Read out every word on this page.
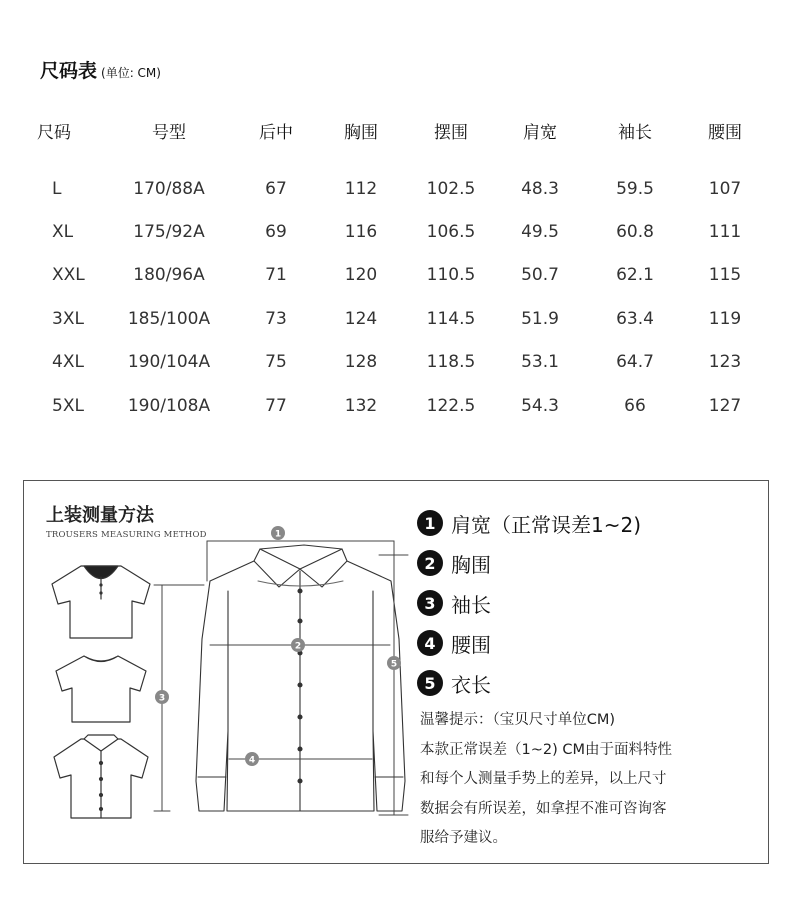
尺码表 (单位: CM)
尺码	号型	后中	胸围	摆围	肩宽	袖长	腰围

L	170/88A	67	112	102.5	48.3	59.5	107
XL	175/92A	69	116	106.5	49.5	60.8	111
XXL	180/96A	71	120	110.5	50.7	62.1	115
3XL	185/100A	73	124	114.5	51.9	63.4	119
4XL	190/104A	75	128	118.5	53.1	64.7	123
5XL	190/108A	77	132	122.5	54.3	66	127
上装测量方法
TROUSERS MEASURING METHOD	1
2
3
4
5
1 肩宽（正常误差1~2)
2 胸围
3 袖长
4 腰围
5 衣长
温馨提示：（宝贝尺寸单位CM)
本款正常误差（1~2) CM由于面料特性
和每个人测量手势上的差异，以上尺寸
数据会有所误差，如拿捏不准可咨询客
服给予建议。
